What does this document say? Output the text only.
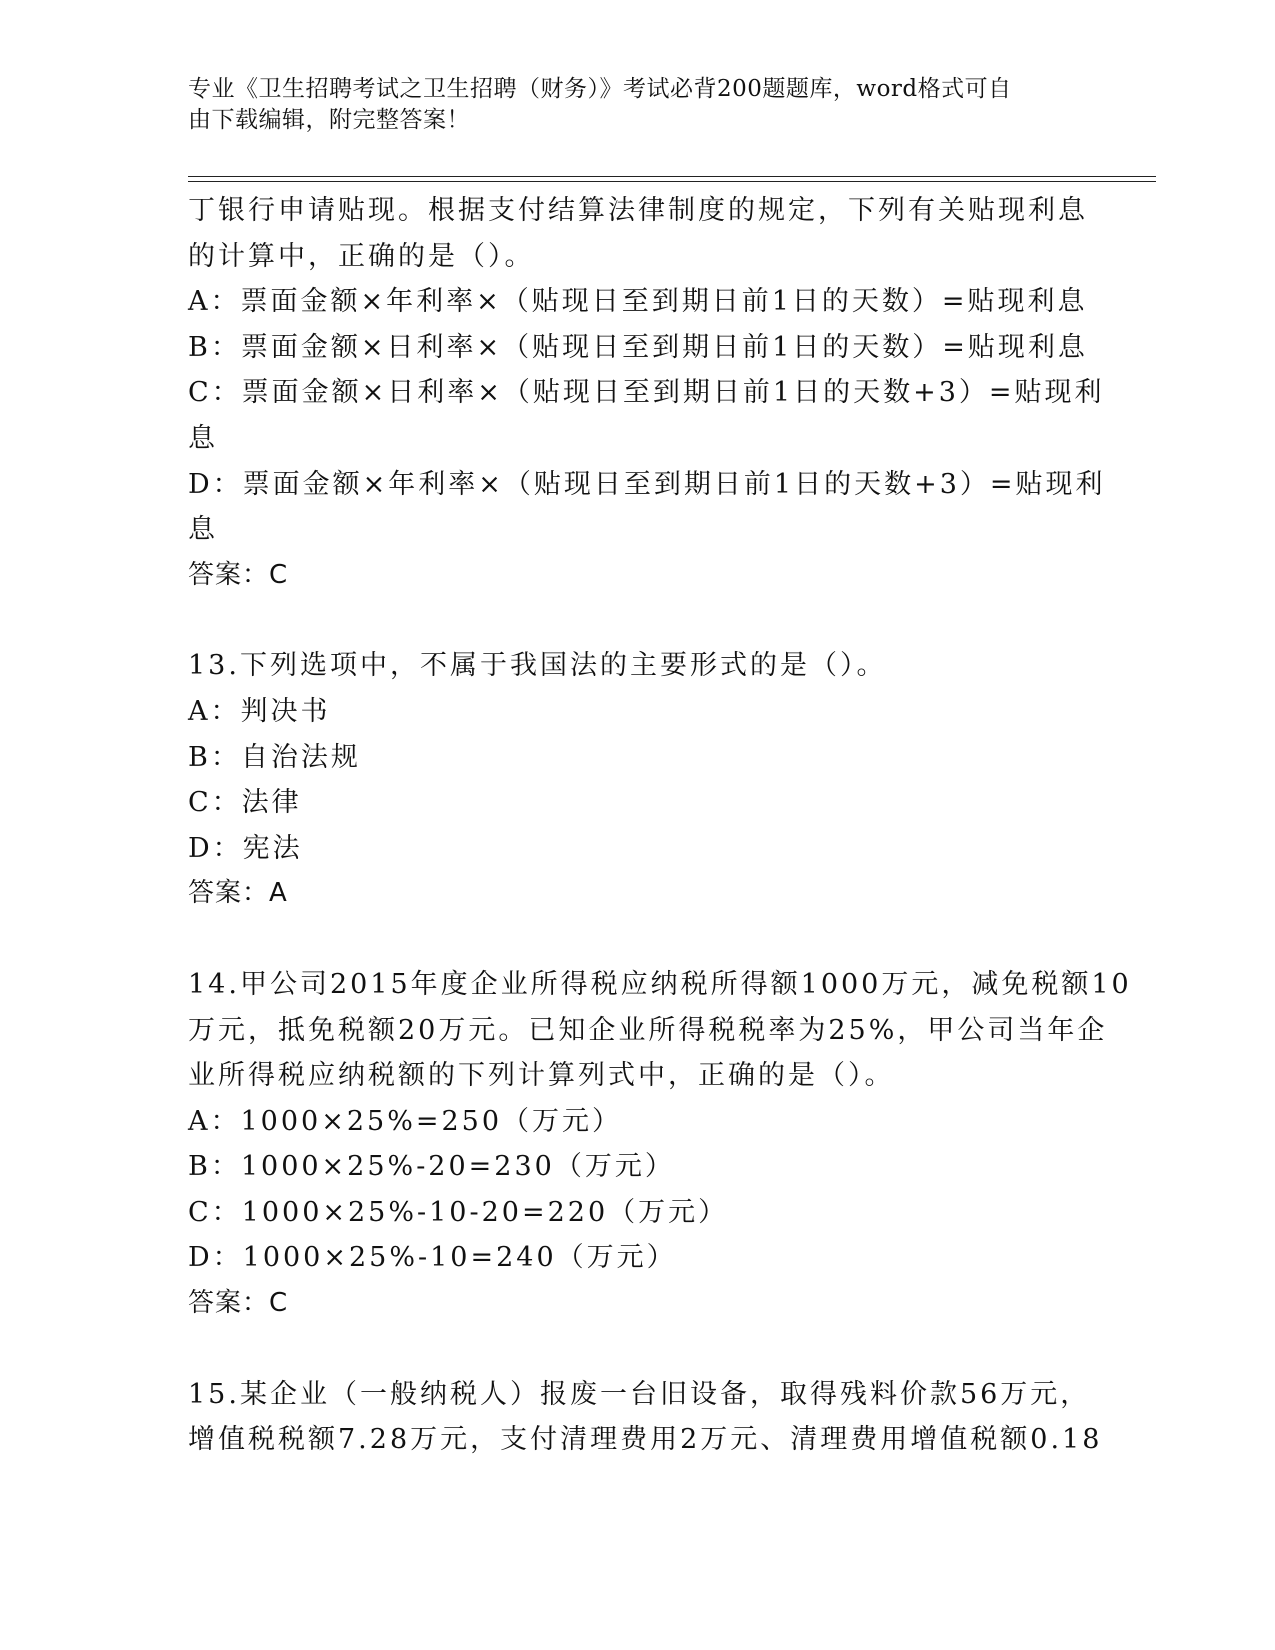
专业《卫生招聘考试之卫生招聘（财务）》考试必背200题题库，word格式可自
由下载编辑，附完整答案！
丁银行申请贴现。根据支付结算法律制度的规定，下列有关贴现利息
的计算中，正确的是（）。
A：票面金额×年利率×（贴现日至到期日前1日的天数）=贴现利息
B：票面金额×日利率×（贴现日至到期日前1日的天数）=贴现利息
C：票面金额×日利率×（贴现日至到期日前1日的天数+3）=贴现利
息
D：票面金额×年利率×（贴现日至到期日前1日的天数+3）=贴现利
息
答案：C
13.下列选项中，不属于我国法的主要形式的是（）。
A：判决书
B：自治法规
C：法律
D：宪法
答案：A
14.甲公司2015年度企业所得税应纳税所得额1000万元，减免税额10
万元，抵免税额20万元。已知企业所得税税率为25%，甲公司当年企
业所得税应纳税额的下列计算列式中，正确的是（）。
A：1000×25%=250（万元）
B：1000×25%-20=230（万元）
C：1000×25%-10-20=220（万元）
D：1000×25%-10=240（万元）
答案：C
15.某企业（一般纳税人）报废一台旧设备，取得残料价款56万元，
增值税税额7.28万元，支付清理费用2万元、清理费用增值税额0.18
